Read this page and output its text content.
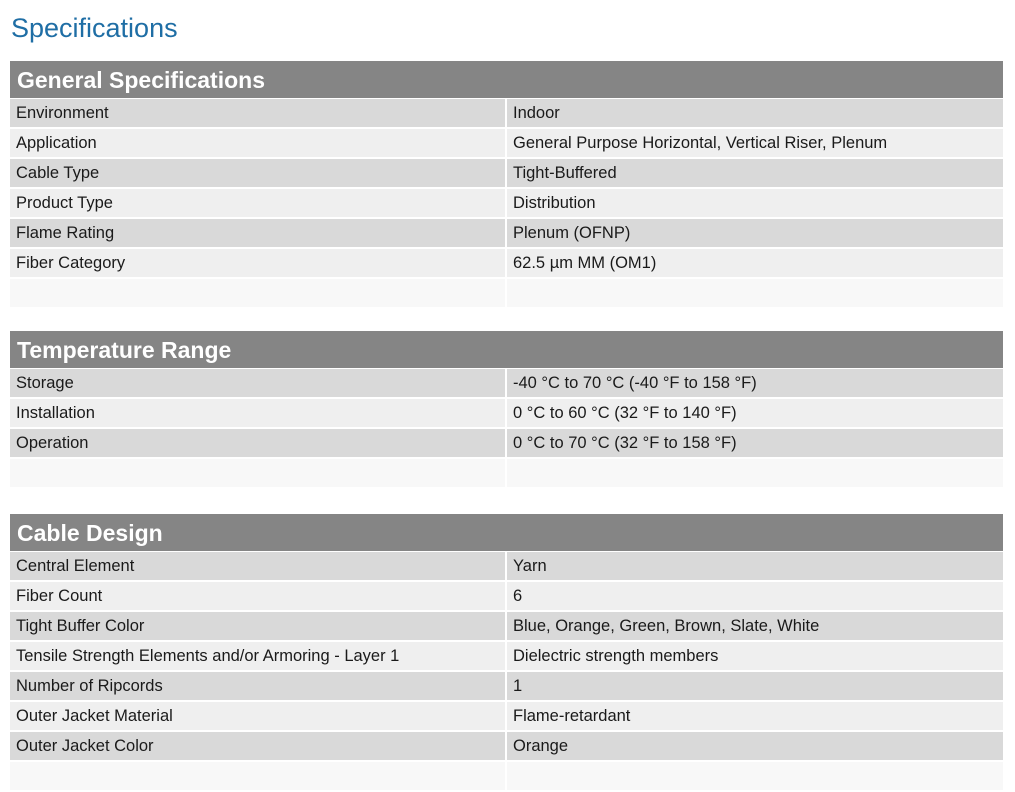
Specifications
General Specifications
Environment	Indoor
Application	General Purpose Horizontal, Vertical Riser, Plenum
Cable Type	Tight-Buffered
Product Type	Distribution
Flame Rating	Plenum (OFNP)
Fiber Category	62.5 µm MM (OM1)
Temperature Range
Storage	-40 °C to 70 °C (-40 °F to 158 °F)
Installation	0 °C to 60 °C (32 °F to 140 °F)
Operation	0 °C to 70 °C (32 °F to 158 °F)
Cable Design
Central Element	Yarn
Fiber Count	6
Tight Buffer Color	Blue, Orange, Green, Brown, Slate, White
Tensile Strength Elements and/or Armoring - Layer 1	Dielectric strength members
Number of Ripcords	1
Outer Jacket Material	Flame-retardant
Outer Jacket Color	Orange
